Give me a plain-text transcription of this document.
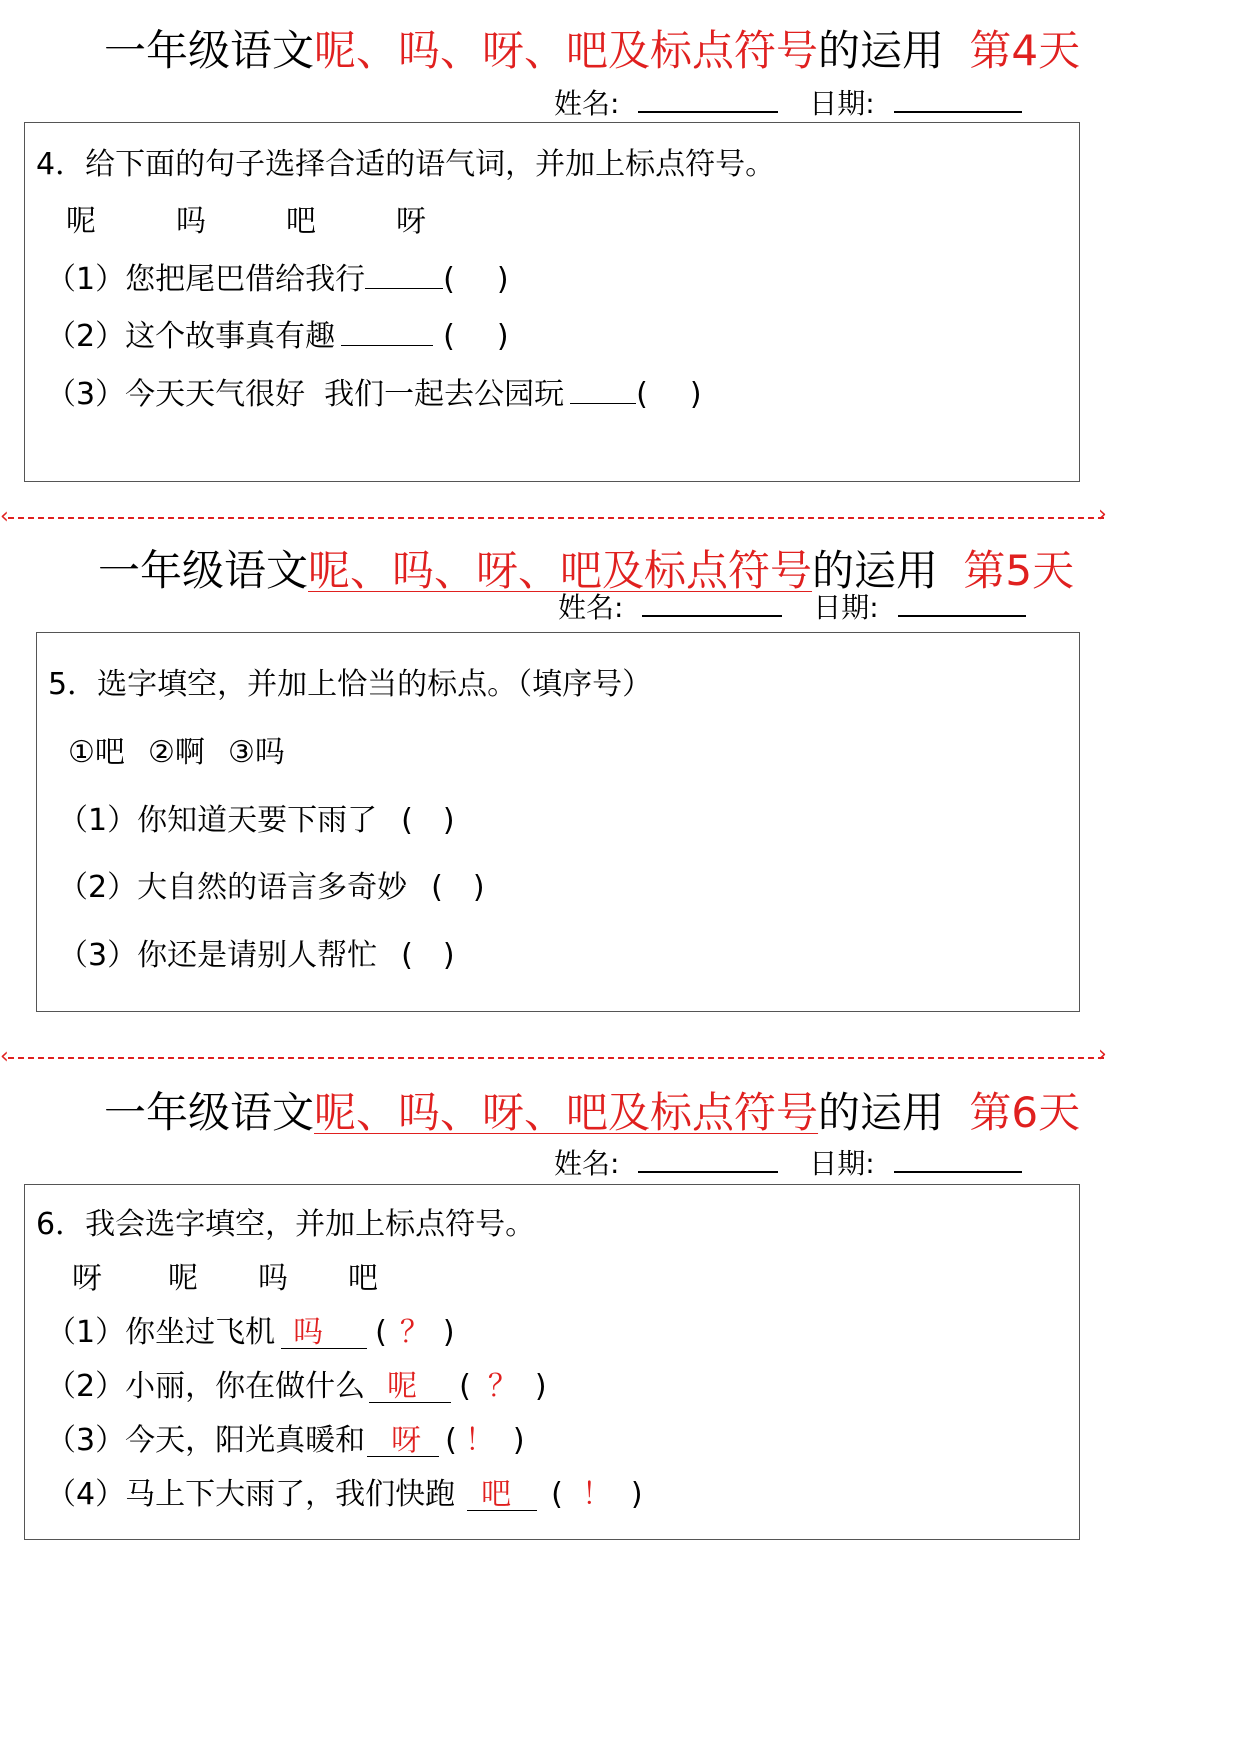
一年级语文呢、吗、呀、吧及标点符号的运用 第4天
姓名:	日期:
4．给下面的句子选择合适的语气词，并加上标点符号。
呢	吗	吧	呀
（1）您把尾巴借给我行	( )
（2）这个故事真有趣	( )
（3）今天天气很好  我们一起去公园玩 ( )
‹	›
一年级语文呢、吗、呀、吧及标点符号的运用 第5天
姓名:	日期:
5．选字填空，并加上恰当的标点。（填序号）
①吧 ②啊 ③吗
（1）你知道天要下雨了 ( )
（2）大自然的语言多奇妙 ( )
（3）你还是请别人帮忙 ( )
‹	›
一年级语文呢、吗、呀、吧及标点符号的运用 第6天
姓名:	日期:
6．我会选字填空，并加上标点符号。
呀 呢 吗 吧
（1）你坐过飞机 吗 ( ？ )
（2）小丽，你在做什么 呢 ( ？ )
（3）今天，阳光真暖和 呀 ( ！ )
（4）马上下大雨了，我们快跑 吧 ( ！ )
